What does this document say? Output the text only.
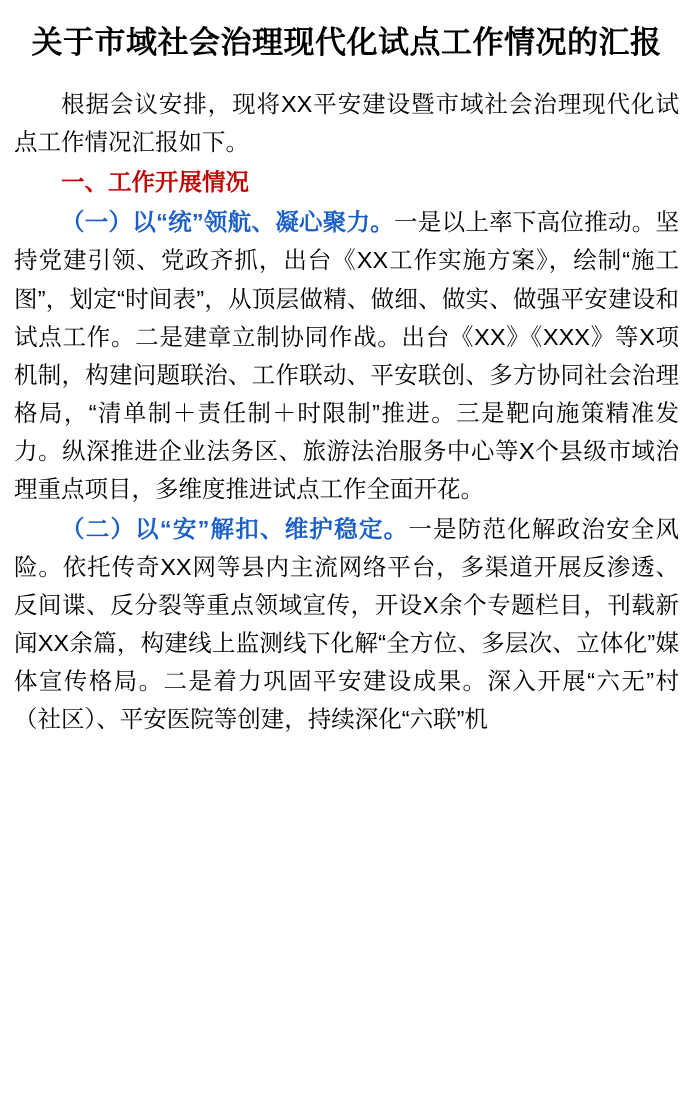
关于市域社会治理现代化试点工作情况的汇报

根据会议安排，现将XX平安建设暨市域社会治理现代化试点工作情况汇报如下。

一、工作开展情况

（一）以“统”领航、凝心聚力。一是以上率下高位推动。坚持党建引领、党政齐抓，出台《XX工作实施方案》，绘制“施工图”，划定“时间表”，从顶层做精、做细、做实、做强平安建设和试点工作。二是建章立制协同作战。出台《XX》《XXX》等X项机制，构建问题联治、工作联动、平安联创、多方协同社会治理格局，“清单制＋责任制＋时限制”推进。三是靶向施策精准发力。纵深推进企业法务区、旅游法治服务中心等X个县级市域治理重点项目，多维度推进试点工作全面开花。

（二）以“安”解扣、维护稳定。一是防范化解政治安全风险。依托传奇XX网等县内主流网络平台，多渠道开展反渗透、反间谍、反分裂等重点领域宣传，开设X余个专题栏目，刊载新闻XX余篇，构建线上监测线下化解“全方位、多层次、立体化”媒体宣传格局。二是着力巩固平安建设成果。深入开展“六无”村（社区）、平安医院等创建，持续深化“六联”机
